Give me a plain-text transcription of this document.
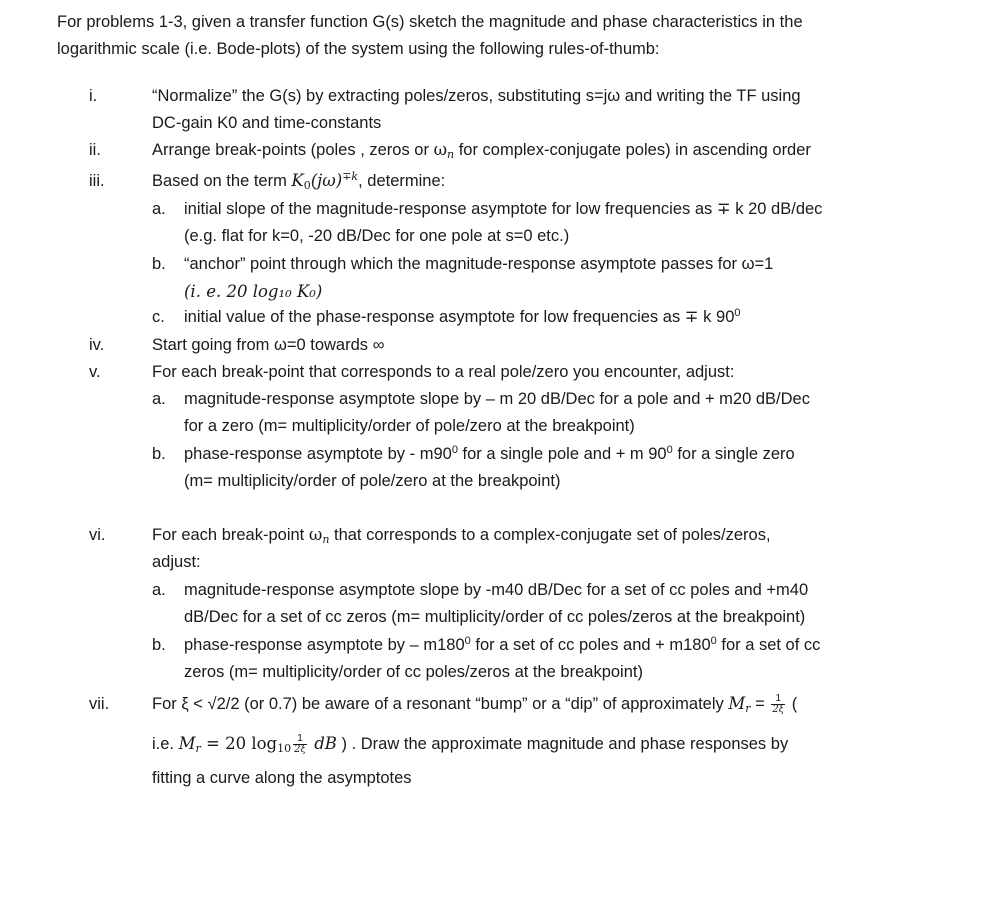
For problems 1-3, given a transfer function G(s) sketch the magnitude and phase characteristics in the
logarithmic scale (i.e. Bode-plots) of the system using the following rules-of-thumb:
i.	“Normalize” the G(s) by extracting poles/zeros, substituting s=jω and writing the TF using
DC-gain K0 and time-constants
ii.	Arrange break-points (poles , zeros or $\omega_n$ for complex-conjugate poles) in ascending order
iii.	Based on the term $K_0(j\omega)^{\mp k}$, determine:
a. initial slope of the magnitude-response asymptote for low frequencies as ∓ k 20 dB/dec
(e.g. flat for k=0, -20 dB/Dec for one pole at s=0 etc.)
b. “anchor” point through which the magnitude-response asymptote passes for ω=1
(i. e. 20 log₁₀ K₀)
c. initial value of the phase-response asymptote for low frequencies as ∓ k $90^0$
iv.	Start going from ω=0 towards ∞
v.	For each break-point that corresponds to a real pole/zero you encounter, adjust:
a. magnitude-response asymptote slope by – m 20 dB/Dec for a pole and + m20 dB/Dec
for a zero (m= multiplicity/order of pole/zero at the breakpoint)
b. phase-response asymptote by - $m90^0$ for a single pole and + m $90^0$ for a single zero
(m= multiplicity/order of pole/zero at the breakpoint)
vi.	For each break-point $\omega_n$ that corresponds to a complex-conjugate set of poles/zeros,
adjust:
a. magnitude-response asymptote slope by -m40 dB/Dec for a set of cc poles and +m40
dB/Dec for a set of cc zeros (m= multiplicity/order of cc poles/zeros at the breakpoint)
b. phase-response asymptote by – $m180^0$ for a set of cc poles and + $m180^0$ for a set of cc
zeros (m= multiplicity/order of cc poles/zeros at the breakpoint)
vii.	For ξ < √2/2 (or 0.7) be aware of a resonant “bump” or a “dip” of approximately $M_r = \frac{1}{2\xi}$ (
i.e. $M_r = 20$ $\log_{10} \frac{1}{2\xi}$ dB ) . Draw the approximate magnitude and phase responses by
fitting a curve along the asymptotes
